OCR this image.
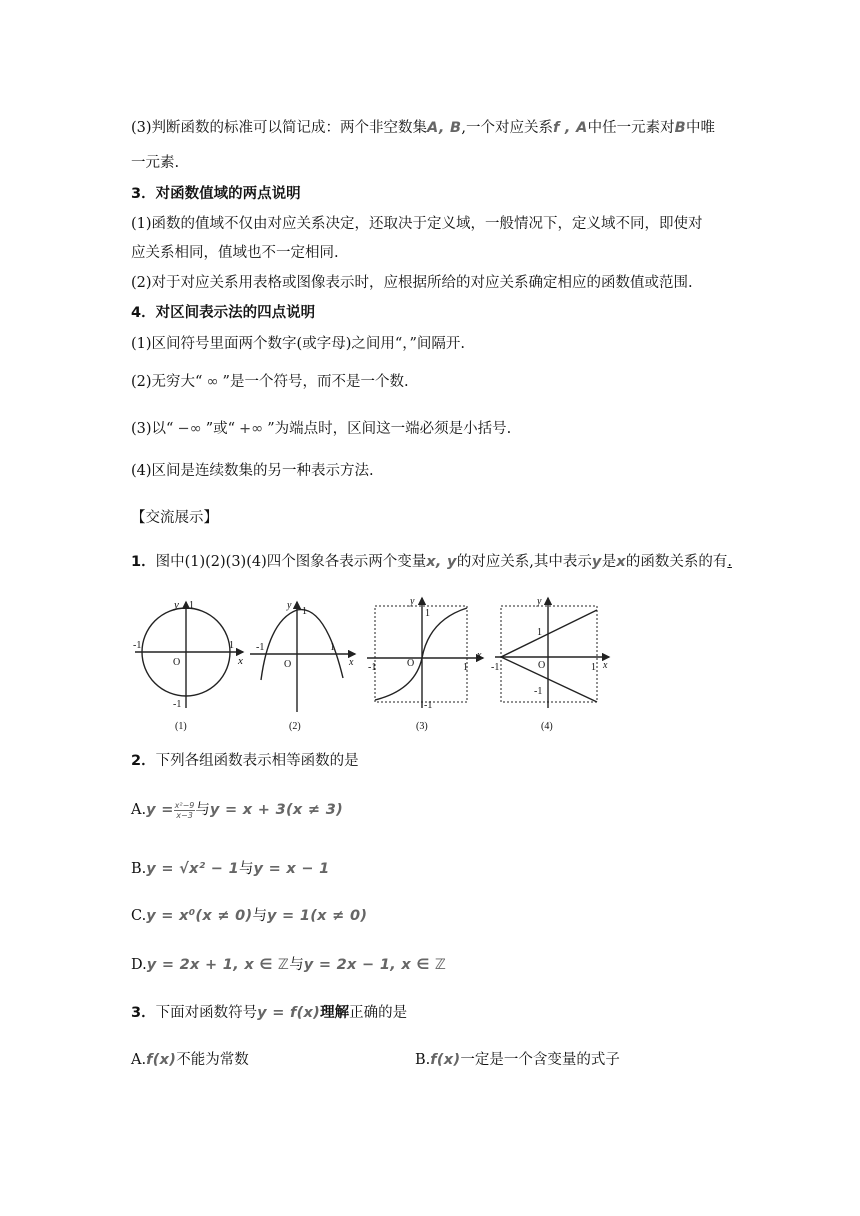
(3)判断函数的标准可以简记成：两个非空数集A, B,一个对应关系f , A中任一元素对B中唯
一元素.
3．对函数值域的两点说明
(1)函数的值域不仅由对应关系决定，还取决于定义域，一般情况下，定义域不同，即使对
应关系相同，值域也不一定相同.
(2)对于对应关系用表格或图像表示时，应根据所给的对应关系确定相应的函数值或范围.
4．对区间表示法的四点说明
(1)区间符号里面两个数字(或字母)之间用“，”间隔开.
(2)无穷大“ ∞ ”是一个符号，而不是一个数.
(3)以“ −∞ ”或“ +∞ ”为端点时，区间这一端必须是小括号.
(4)区间是连续数集的另一种表示方法.
【交流展示】
1．图中(1)(2)(3)(4)四个图象各表示两个变量x, y的对应关系,其中表示y是x的函数关系的有.
x
y
-1	1
1
-1
O
(1)
x
y
-1	1
1
O
(2)
x
y
-1	1
1
-1
O
(3)
x
y
-1	1
1
-1
O
(4)
2．下列各组函数表示相等函数的是
$A.y = \frac{\text{x²−9}}{x-3}$ 与y = x + 3(x ≠ 3)
B.y = √x² − 1与y = x − 1
C.y = x⁰(x ≠ 0)与y = 1(x ≠ 0)
D.y = 2x + 1, x ∈ ℤ与y = 2x − 1, x ∈ ℤ
3．下面对函数符号y = f(x)理解正确的是
A.f(x)不能为常数	B.f(x)一定是一个含变量的式子
